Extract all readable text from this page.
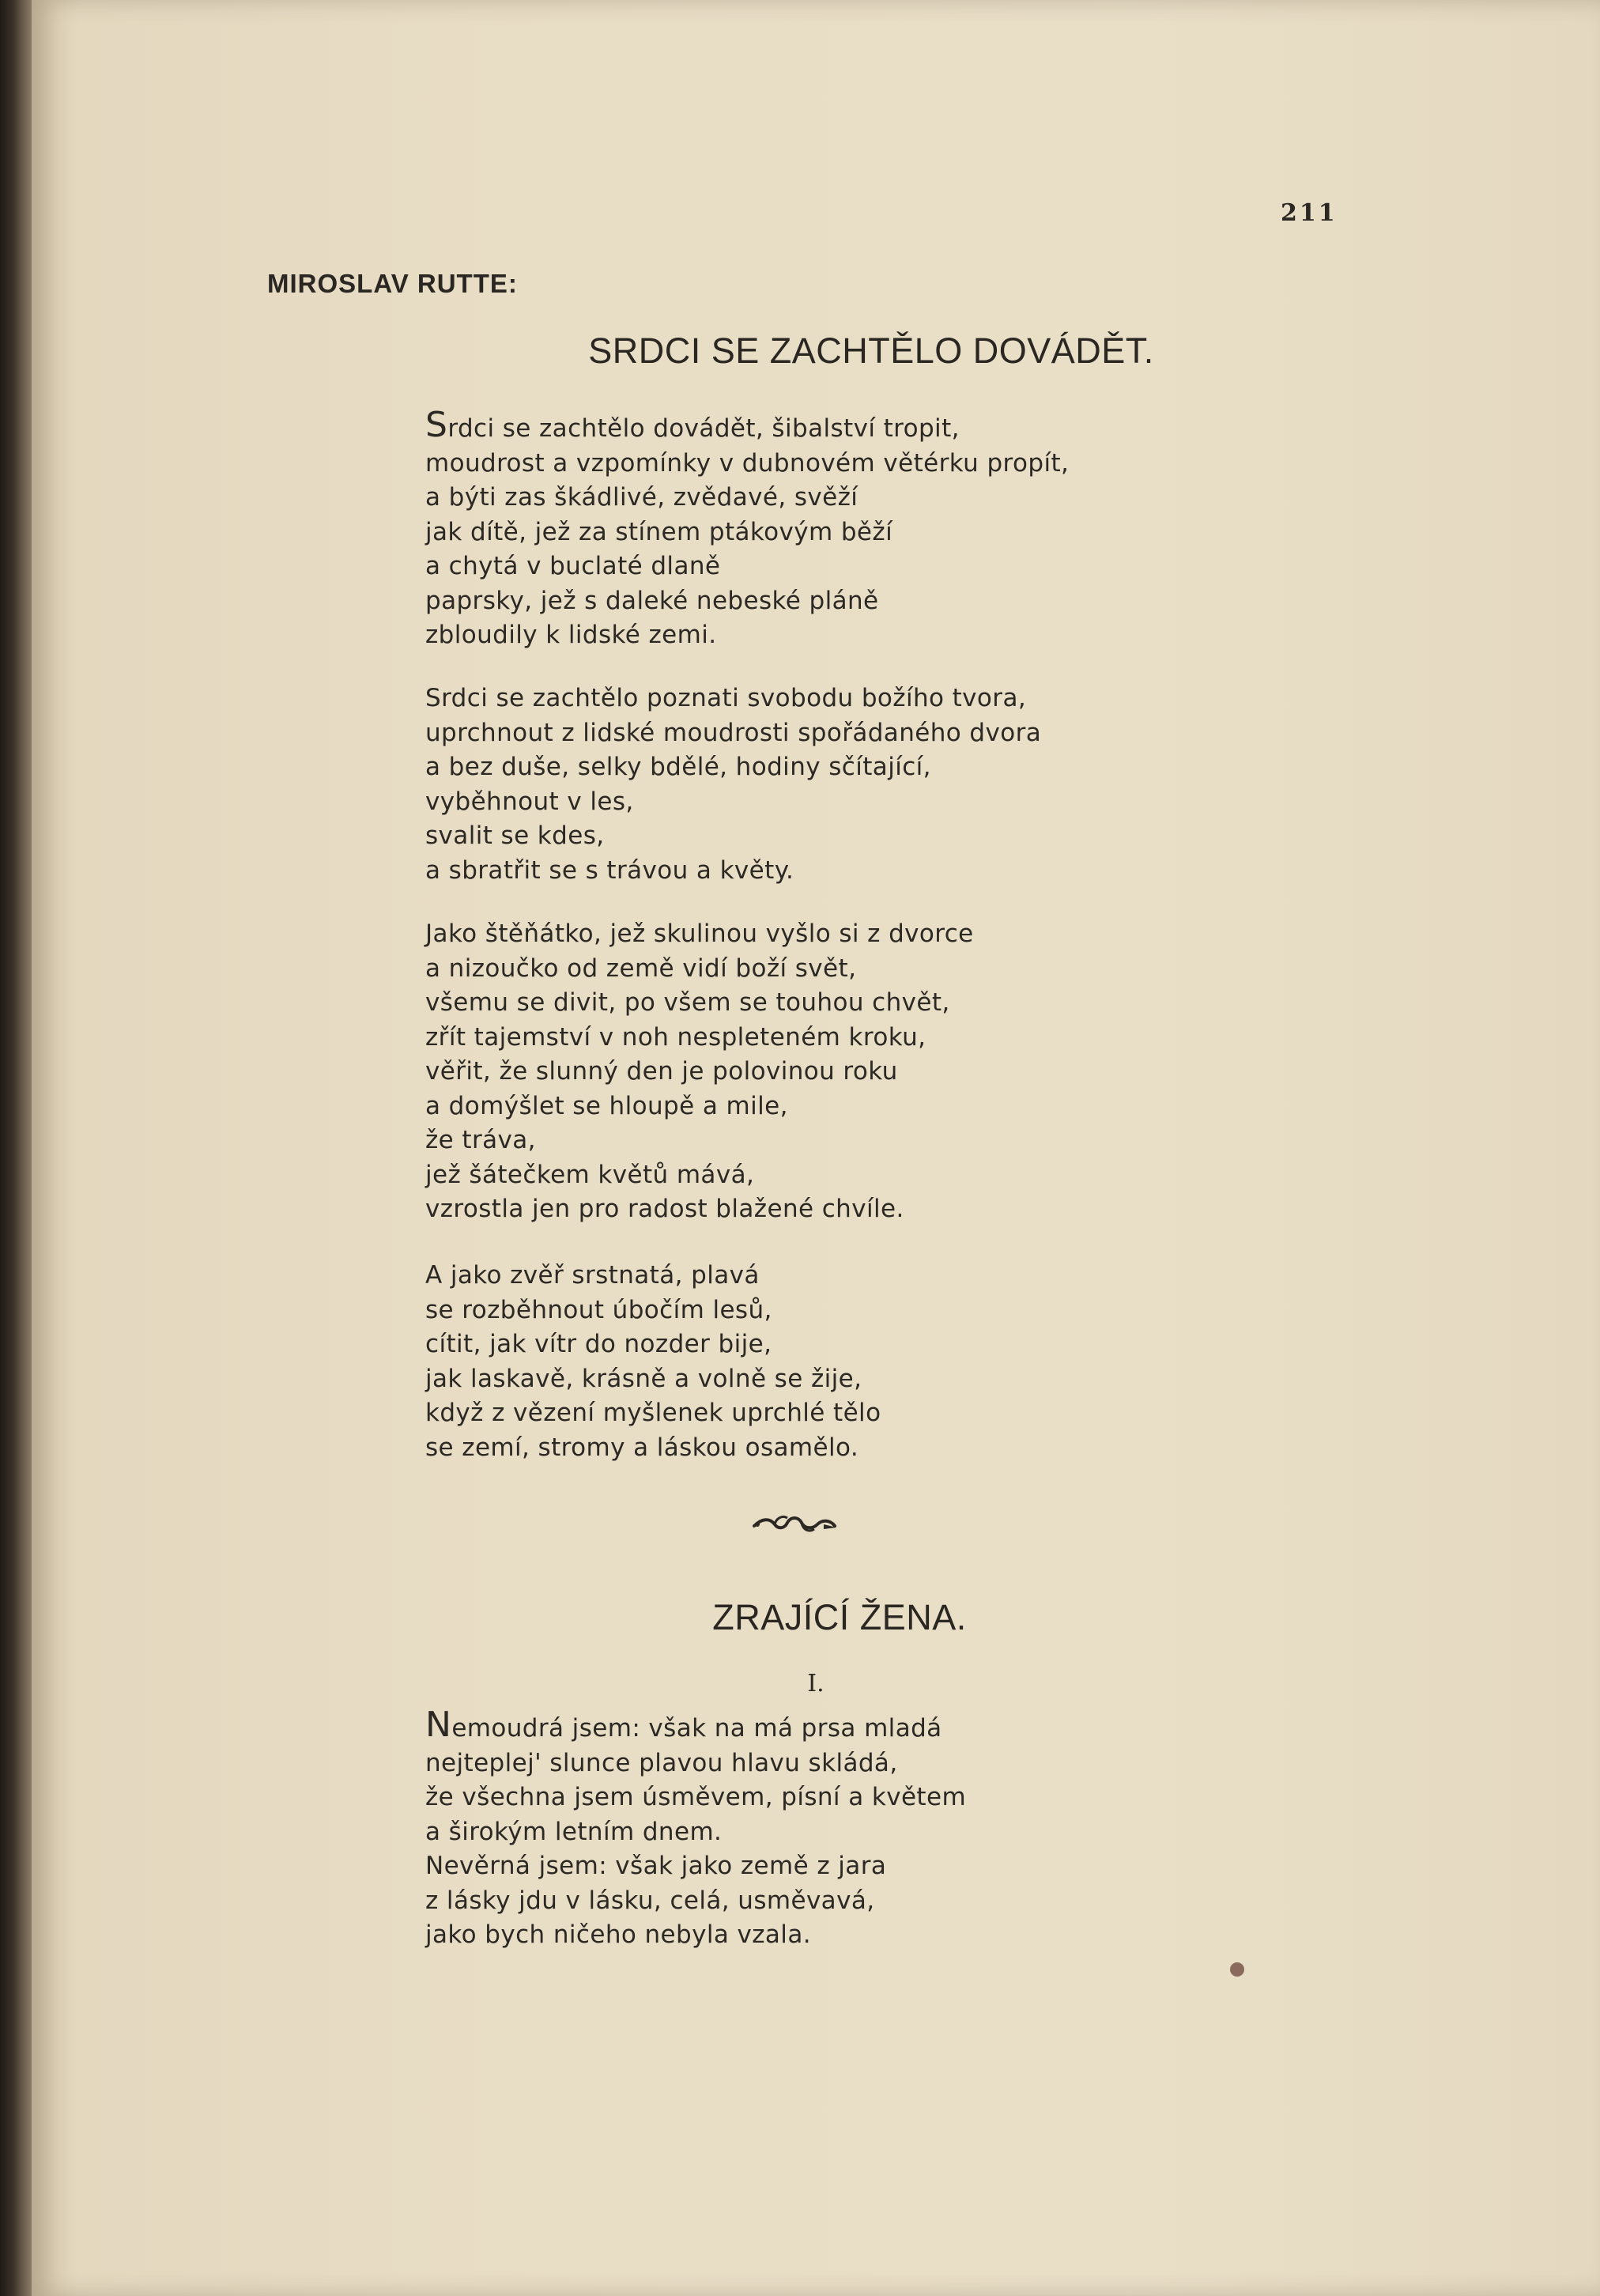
211
MIROSLAV RUTTE:
SRDCI SE ZACHTĚLO DOVÁDĚT.
Srdci se zachtělo dovádět, šibalství tropit,
moudrost a vzpomínky v dubnovém větérku propít,
a býti zas škádlivé, zvědavé, svěží
jak dítě, jež za stínem ptákovým běží
a chytá v buclaté dlaně
paprsky, jež s daleké nebeské pláně
zbloudily k lidské zemi.
Srdci se zachtělo poznati svobodu božího tvora,
uprchnout z lidské moudrosti spořádaného dvora
a bez duše, selky bdělé, hodiny sčítající,
vyběhnout v les,
svalit se kdes,
a sbratřit se s trávou a květy.
Jako štěňátko, jež skulinou vyšlo si z dvorce
a nizoučko od země vidí boží svět,
všemu se divit, po všem se touhou chvět,
zřít tajemství v noh nespleteném kroku,
věřit, že slunný den je polovinou roku
a domýšlet se hloupě a mile,
že tráva,
jež šátečkem květů mává,
vzrostla jen pro radost blažené chvíle.
A jako zvěř srstnatá, plavá
se rozběhnout úbočím lesů,
cítit, jak vítr do nozder bije,
jak laskavě, krásně a volně se žije,
když z vězení myšlenek uprchlé tělo
se zemí, stromy a láskou osamělo.
ZRAJÍCÍ ŽENA.
I.
Nemoudrá jsem: však na má prsa mladá
nejteplej' slunce plavou hlavu skládá,
že všechna jsem úsměvem, písní a květem
a širokým letním dnem.
Nevěrná jsem: však jako země z jara
z lásky jdu v lásku, celá, usměvavá,
jako bych ničeho nebyla vzala.
